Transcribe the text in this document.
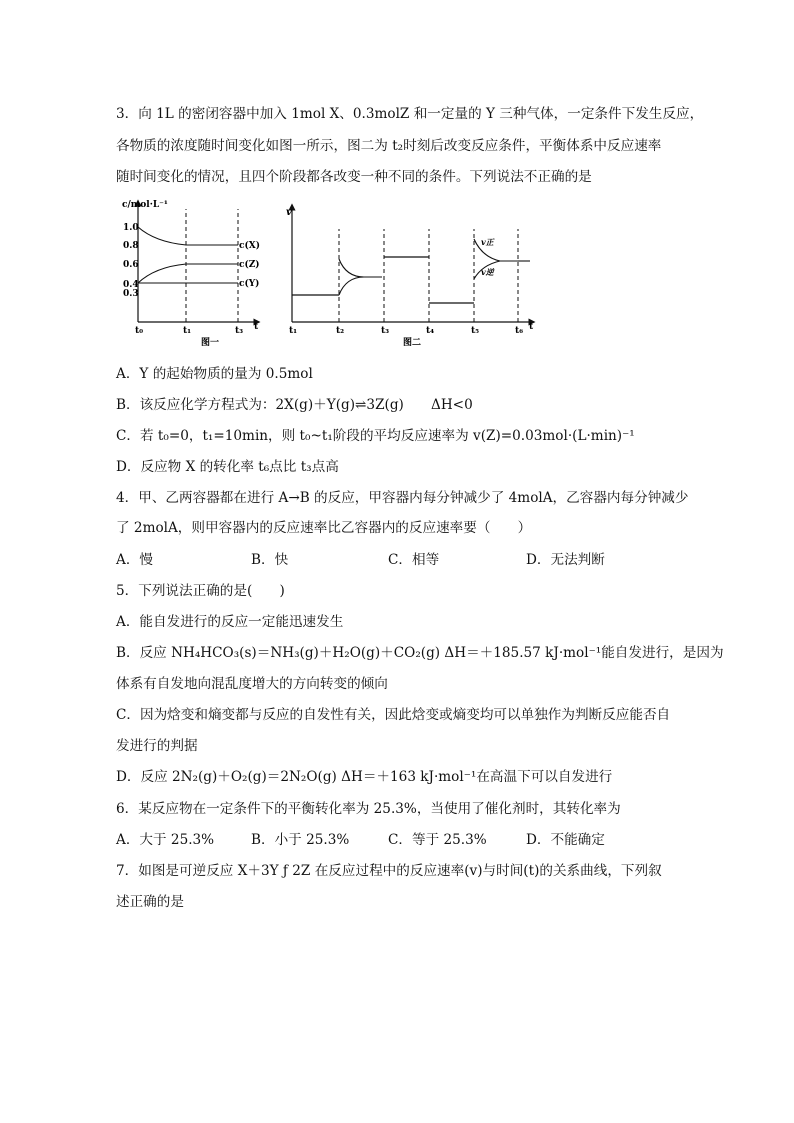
3．向 1L 的密闭容器中加入 1mol X、0.3molZ 和一定量的 Y 三种气体，一定条件下发生反应，
各物质的浓度随时间变化如图一所示，图二为 t₂时刻后改变反应条件，平衡体系中反应速率
随时间变化的情况，且四个阶段都各改变一种不同的条件。下列说法不正确的是
c/mol·L⁻¹
1.0
0.8
0.6
0.4
0.3
c(X)
c(Z)
c(Y)
t₀	t₁	t₃ t
图一
v
v正
v逆
t₁	t₂	t₃	t₄	t₅	t₆ t
图二
A．Y 的起始物质的量为 0.5mol
B．该反应化学方程式为：2X(g)＋Y(g)⇌3Z(g)　　ΔH<0
C．若 t₀=0，t₁=10min，则 t₀~t₁阶段的平均反应速率为 v(Z)=0.03mol·(L·min)⁻¹
D．反应物 X 的转化率 t₆点比 t₃点高
4．甲、乙两容器都在进行 A→B 的反应，甲容器内每分钟减少了 4molA，乙容器内每分钟减少
了 2molA，则甲容器内的反应速率比乙容器内的反应速率要（　　）
A．慢	B．快	C．相等	D．无法判断
5．下列说法正确的是(　　)
A．能自发进行的反应一定能迅速发生
B．反应 NH₄HCO₃(s)＝NH₃(g)＋H₂O(g)＋CO₂(g) ΔH＝＋185.57 kJ·mol⁻¹能自发进行，是因为
体系有自发地向混乱度增大的方向转变的倾向
C．因为焓变和熵变都与反应的自发性有关，因此焓变或熵变均可以单独作为判断反应能否自
发进行的判据
D．反应 2N₂(g)＋O₂(g)＝2N₂O(g) ΔH＝＋163 kJ·mol⁻¹在高温下可以自发进行
6．某反应物在一定条件下的平衡转化率为 25.3%，当使用了催化剂时，其转化率为
A．大于 25.3%	B．小于 25.3%	C．等于 25.3%	D．不能确定
7．如图是可逆反应 X＋3Y ƒ 2Z 在反应过程中的反应速率(v)与时间(t)的关系曲线，下列叙
述正确的是
